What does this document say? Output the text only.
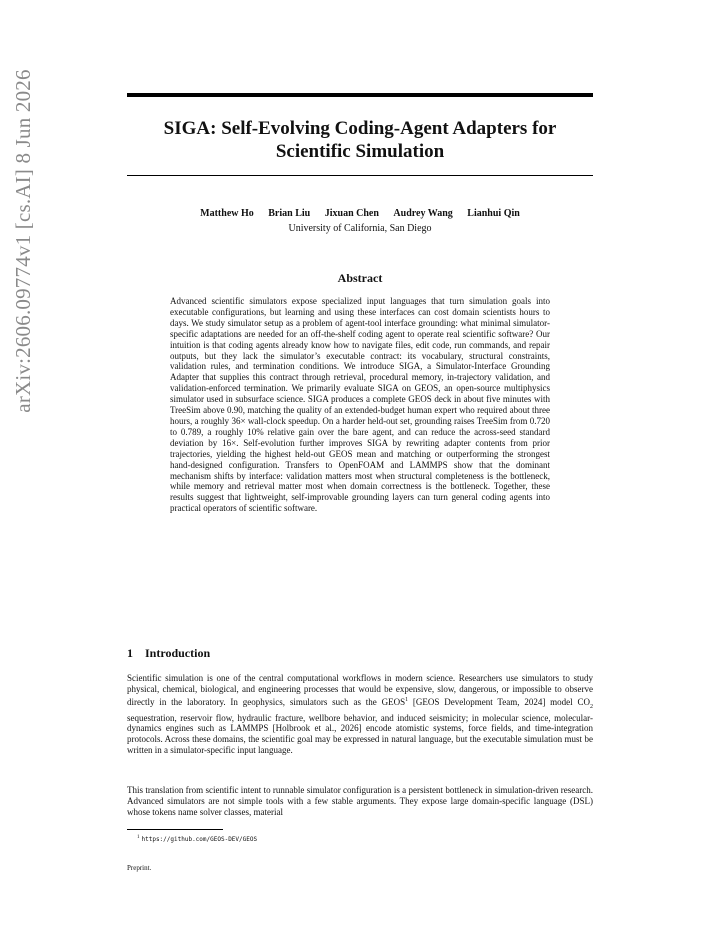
arXiv:2606.09774v1 [cs.AI] 8 Jun 2026	SIGA: Self-Evolving Coding-Agent Adapters for Scientific Simulation
Matthew Ho Brian Liu Jixuan Chen Audrey Wang Lianhui Qin
University of California, San Diego
Abstract
Advanced scientific simulators expose specialized input languages that turn simulation goals into executable configurations, but learning and using these interfaces can cost domain scientists hours to days. We study simulator setup as a problem of agent-tool interface grounding: what minimal simulator-specific adaptations are needed for an off-the-shelf coding agent to operate real scientific software? Our intuition is that coding agents already know how to navigate files, edit code, run commands, and repair outputs, but they lack the simulator’s executable contract: its vocabulary, structural constraints, validation rules, and termination conditions. We introduce SIGA, a Simulator-Interface Grounding Adapter that supplies this contract through retrieval, procedural memory, in-trajectory validation, and validation-enforced termination. We primarily evaluate SIGA on GEOS, an open-source multiphysics simulator used in subsurface science. SIGA produces a complete GEOS deck in about five minutes with TreeSim above 0.90, matching the quality of an extended-budget human expert who required about three hours, a roughly 36× wall-clock speedup. On a harder held-out set, grounding raises TreeSim from 0.720 to 0.789, a roughly 10% relative gain over the bare agent, and can reduce the across-seed standard deviation by 16×. Self-evolution further improves SIGA by rewriting adapter contents from prior trajectories, yielding the highest held-out GEOS mean and matching or outperforming the strongest hand-designed configuration. Transfers to OpenFOAM and LAMMPS show that the dominant mechanism shifts by interface: validation matters most when structural completeness is the bottleneck, while memory and retrieval matter most when domain correctness is the bottleneck. Together, these results suggest that lightweight, self-improvable grounding layers can turn general coding agents into practical operators of scientific software.
1 Introduction
Scientific simulation is one of the central computational workflows in modern science. Researchers use simulators to study physical, chemical, biological, and engineering processes that would be expensive, slow, dangerous, or impossible to observe directly in the laboratory. In geophysics, simulators such as the GEOS$^1$ [GEOS Development Team, 2024] model $CO_2$ sequestration, reservoir flow, hydraulic fracture, wellbore behavior, and induced seismicity; in molecular science, molecular-dynamics engines such as LAMMPS [Holbrook et al., 2026] encode atomistic systems, force fields, and time-integration protocols. Across these domains, the scientific goal may be expressed in natural language, but the executable simulation must be written in a simulator-specific input language.
This translation from scientific intent to runnable simulator configuration is a persistent bottleneck in simulation-driven research. Advanced simulators are not simple tools with a few stable arguments. They expose large domain-specific language (DSL) whose tokens name solver classes, material
$^1$ https://github.com/GEOS-DEV/GEOS
Preprint.
